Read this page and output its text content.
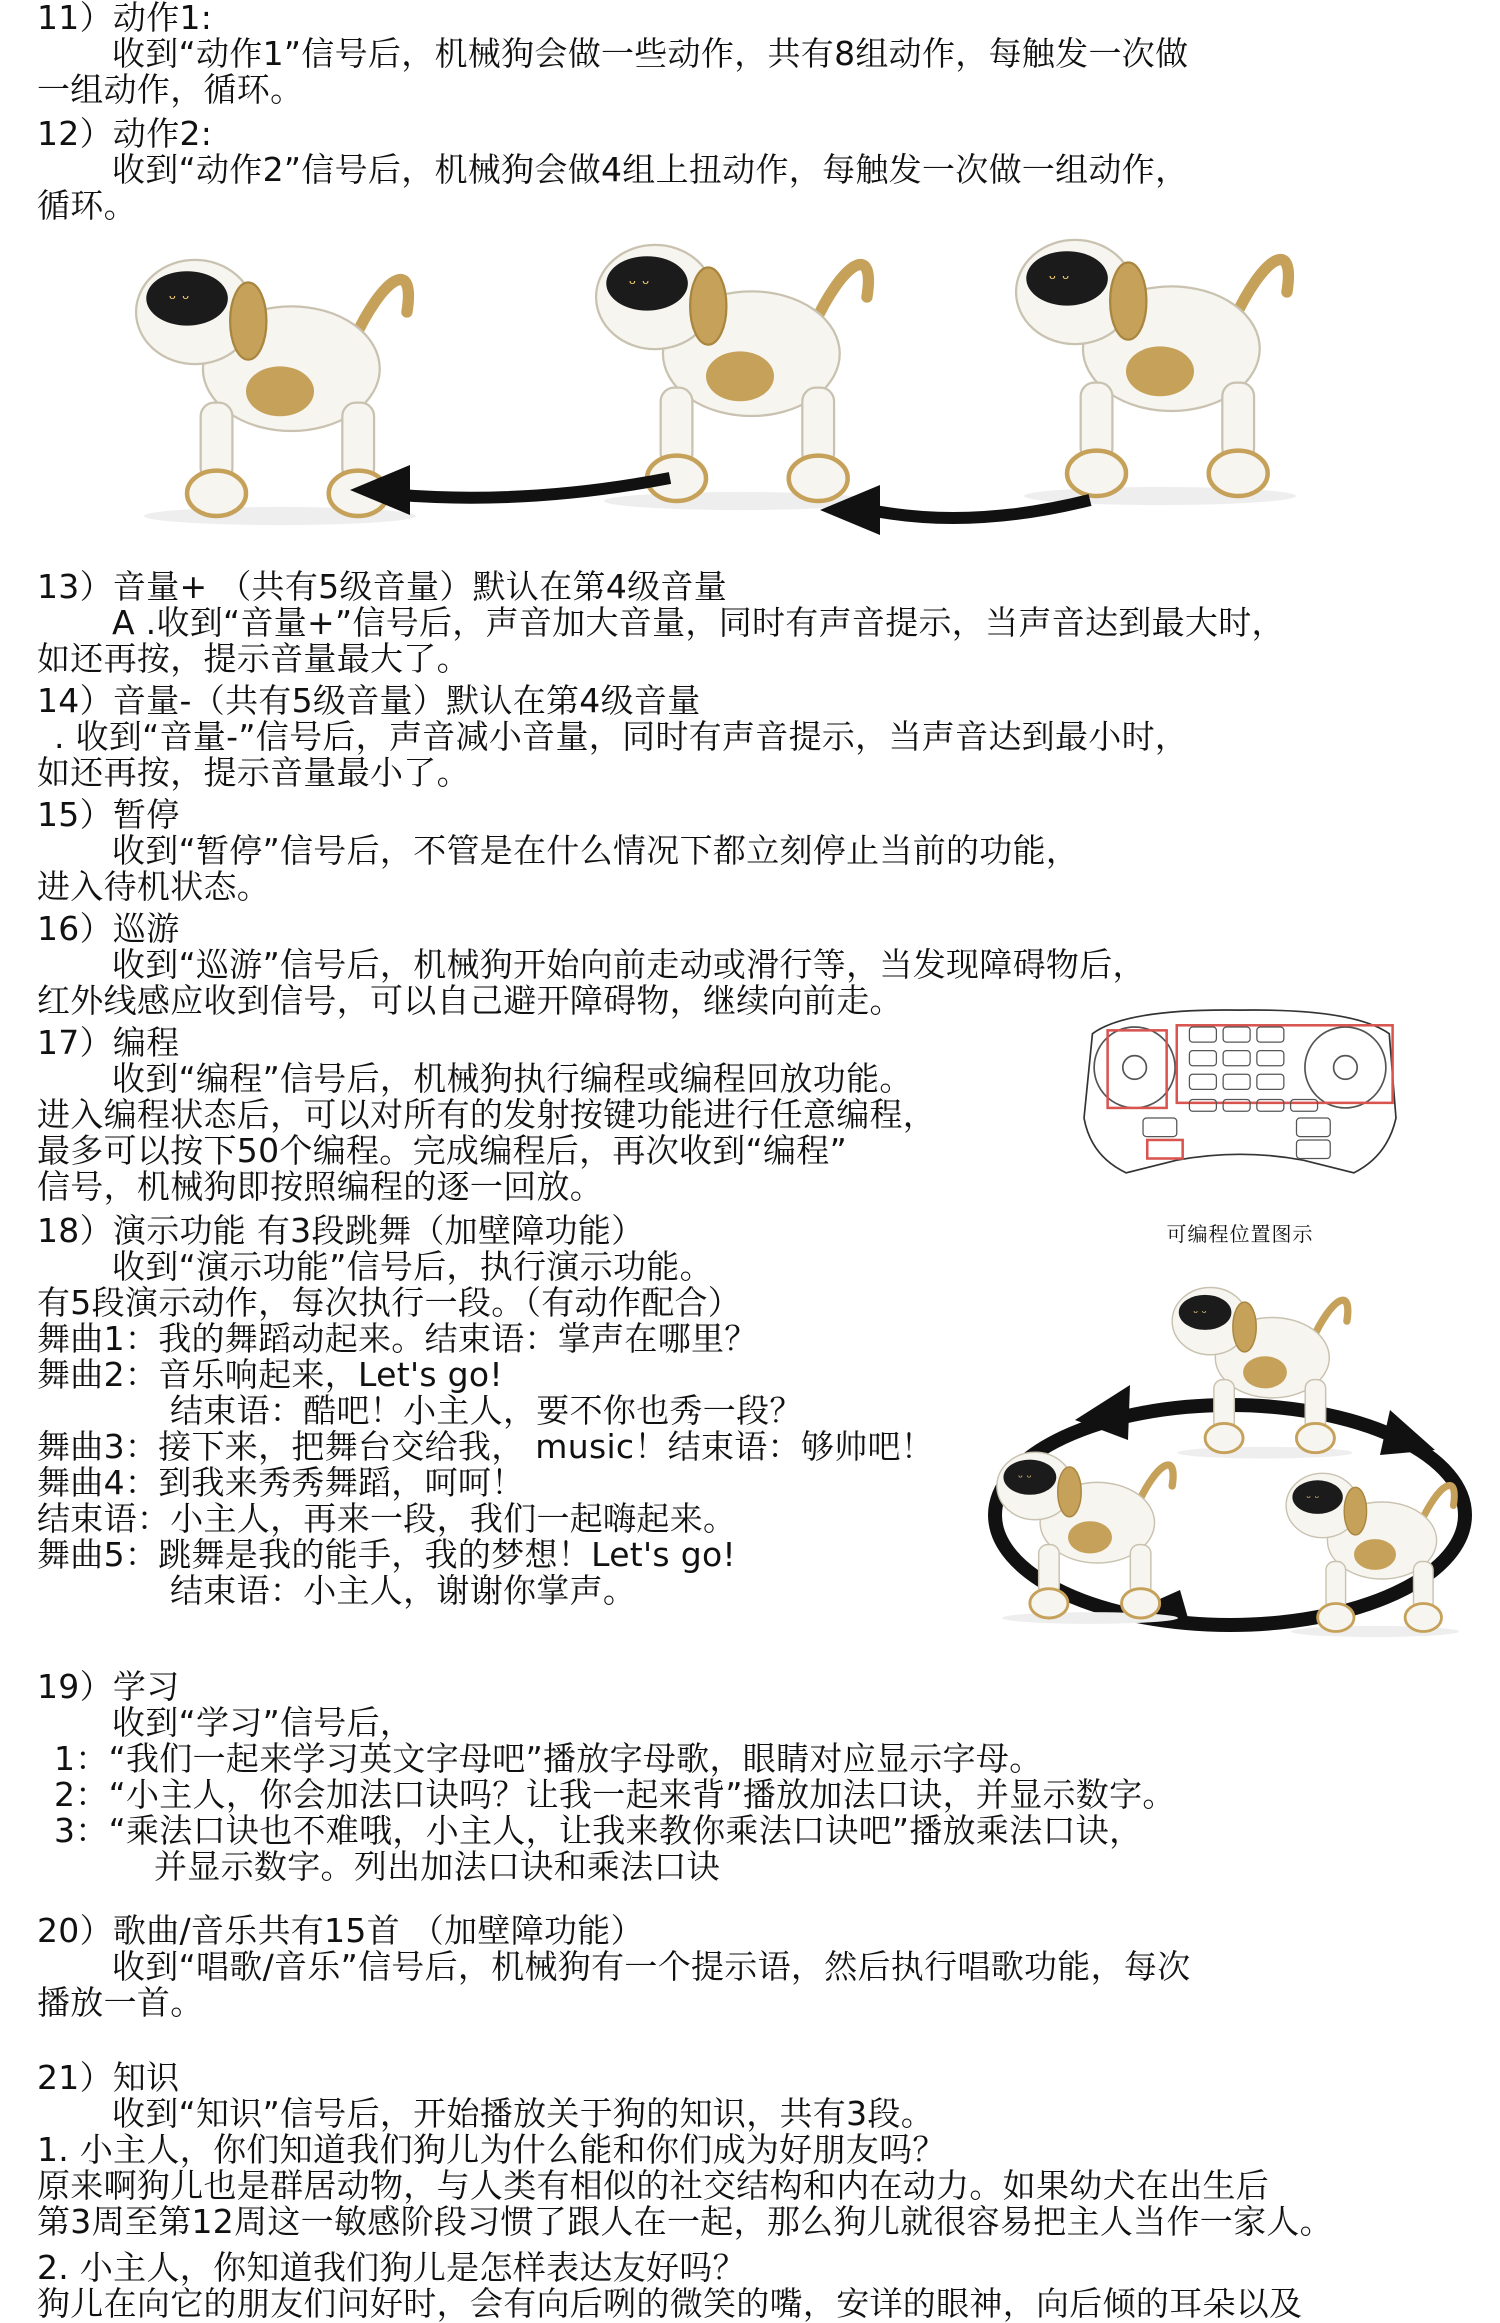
11）动作1:
收到“动作1”信号后，机械狗会做一些动作，共有8组动作，每触发一次做
一组动作，循环。
12）动作2:
收到“动作2”信号后，机械狗会做4组上扭动作，每触发一次做一组动作，
循环。
13）音量+ （共有5级音量）默认在第4级音量
A .收到“音量+”信号后，声音加大音量，同时有声音提示，当声音达到最大时，
如还再按，提示音量最大了。
14）音量-（共有5级音量）默认在第4级音量
. 收到“音量-”信号后，声音减小音量，同时有声音提示，当声音达到最小时，
如还再按，提示音量最小了。
15）暂停
收到“暂停”信号后，不管是在什么情况下都立刻停止当前的功能，
进入待机状态。
16）巡游
收到“巡游”信号后，机械狗开始向前走动或滑行等，当发现障碍物后，
红外线感应收到信号，可以自己避开障碍物，继续向前走。
17）编程
收到“编程”信号后，机械狗执行编程或编程回放功能。
进入编程状态后，可以对所有的发射按键功能进行任意编程，
最多可以按下50个编程。完成编程后，再次收到“编程”
信号，机械狗即按照编程的逐一回放。
可编程位置图示
18）演示功能 有3段跳舞（加壁障功能）
收到“演示功能”信号后，执行演示功能。
有5段演示动作，每次执行一段。（有动作配合）
舞曲1：我的舞蹈动起来。结束语：掌声在哪里？
舞曲2：音乐响起来，Let's go!
结束语：酷吧！小主人，要不你也秀一段？
舞曲3：接下来，把舞台交给我， music！结束语：够帅吧！
舞曲4：到我来秀秀舞蹈，呵呵！
结束语：小主人，再来一段，我们一起嗨起来。
舞曲5：跳舞是我的能手，我的梦想！Let's go!
结束语：小主人，谢谢你掌声。
19）学习
收到“学习”信号后，
1：“我们一起来学习英文字母吧”播放字母歌，眼睛对应显示字母。
2：“小主人，你会加法口诀吗？让我一起来背”播放加法口诀，并显示数字。
3：“乘法口诀也不难哦，小主人，让我来教你乘法口诀吧”播放乘法口诀，
并显示数字。列出加法口诀和乘法口诀
20）歌曲/音乐共有15首 （加壁障功能）
收到“唱歌/音乐”信号后，机械狗有一个提示语，然后执行唱歌功能，每次
播放一首。
21）知识
收到“知识”信号后，开始播放关于狗的知识，共有3段。
1. 小主人，你们知道我们狗儿为什么能和你们成为好朋友吗？
原来啊狗儿也是群居动物，与人类有相似的社交结构和内在动力。如果幼犬在出生后
第3周至第12周这一敏感阶段习惯了跟人在一起，那么狗儿就很容易把主人当作一家人。
2. 小主人，你知道我们狗儿是怎样表达友好吗？
狗儿在向它的朋友们问好时，会有向后咧的微笑的嘴，安详的眼神，向后倾的耳朵以及
